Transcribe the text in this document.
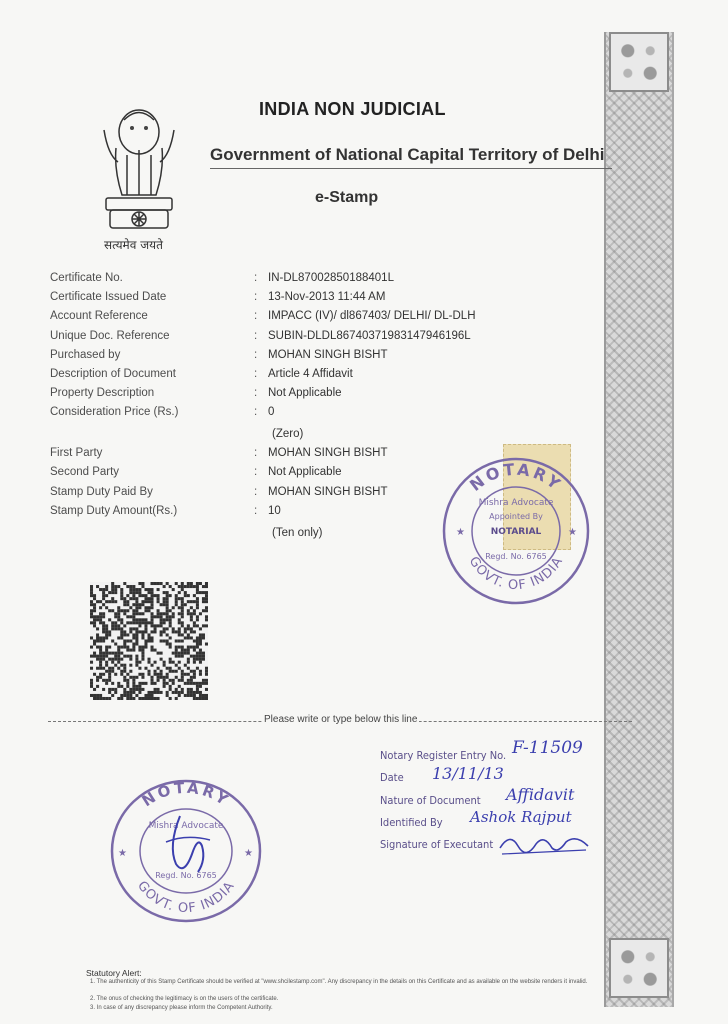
सत्यमेव जयते
INDIA NON JUDICIAL
Government of National Capital Territory of Delhi
e-Stamp
Certificate No.	: IN-DL87002850188401L
Certificate Issued Date	: 13-Nov-2013 11:44 AM
Account Reference	: IMPACC (IV)/ dl867403/ DELHI/ DL-DLH
Unique Doc. Reference	: SUBIN-DLDL86740371983147946196L
Purchased by	: MOHAN SINGH BISHT
Description of Document	: Article 4 Affidavit
Property Description	: Not Applicable
Consideration Price (Rs.)	: 0
(Zero)
First Party	: MOHAN SINGH BISHT
Second Party	: Not Applicable
Stamp Duty Paid By	: MOHAN SINGH BISHT
Stamp Duty Amount(Rs.)	: 10
(Ten only)
NOTARY
GOVT. OF INDIA
Mishra Advocate
Appointed By
NOTARIAL
Regd. No. 6765
★	★
Please write or type below this line
Notary Register Entry No. F-11509
Date 13/11/13
Nature of Document Affidavit
Identified By Ashok Rajput
Signature of Executant
NOTARY
GOVT. OF INDIA
Mishra Advocate
Regd. No. 6765
★	★
Statutory Alert:
1. The authenticity of this Stamp Certificate should be verified at "www.shcilestamp.com". Any discrepancy in the details on this Certificate and as available on the website renders it invalid.
2. The onus of checking the legitimacy is on the users of the certificate.
3. In case of any discrepancy please inform the Competent Authority.
